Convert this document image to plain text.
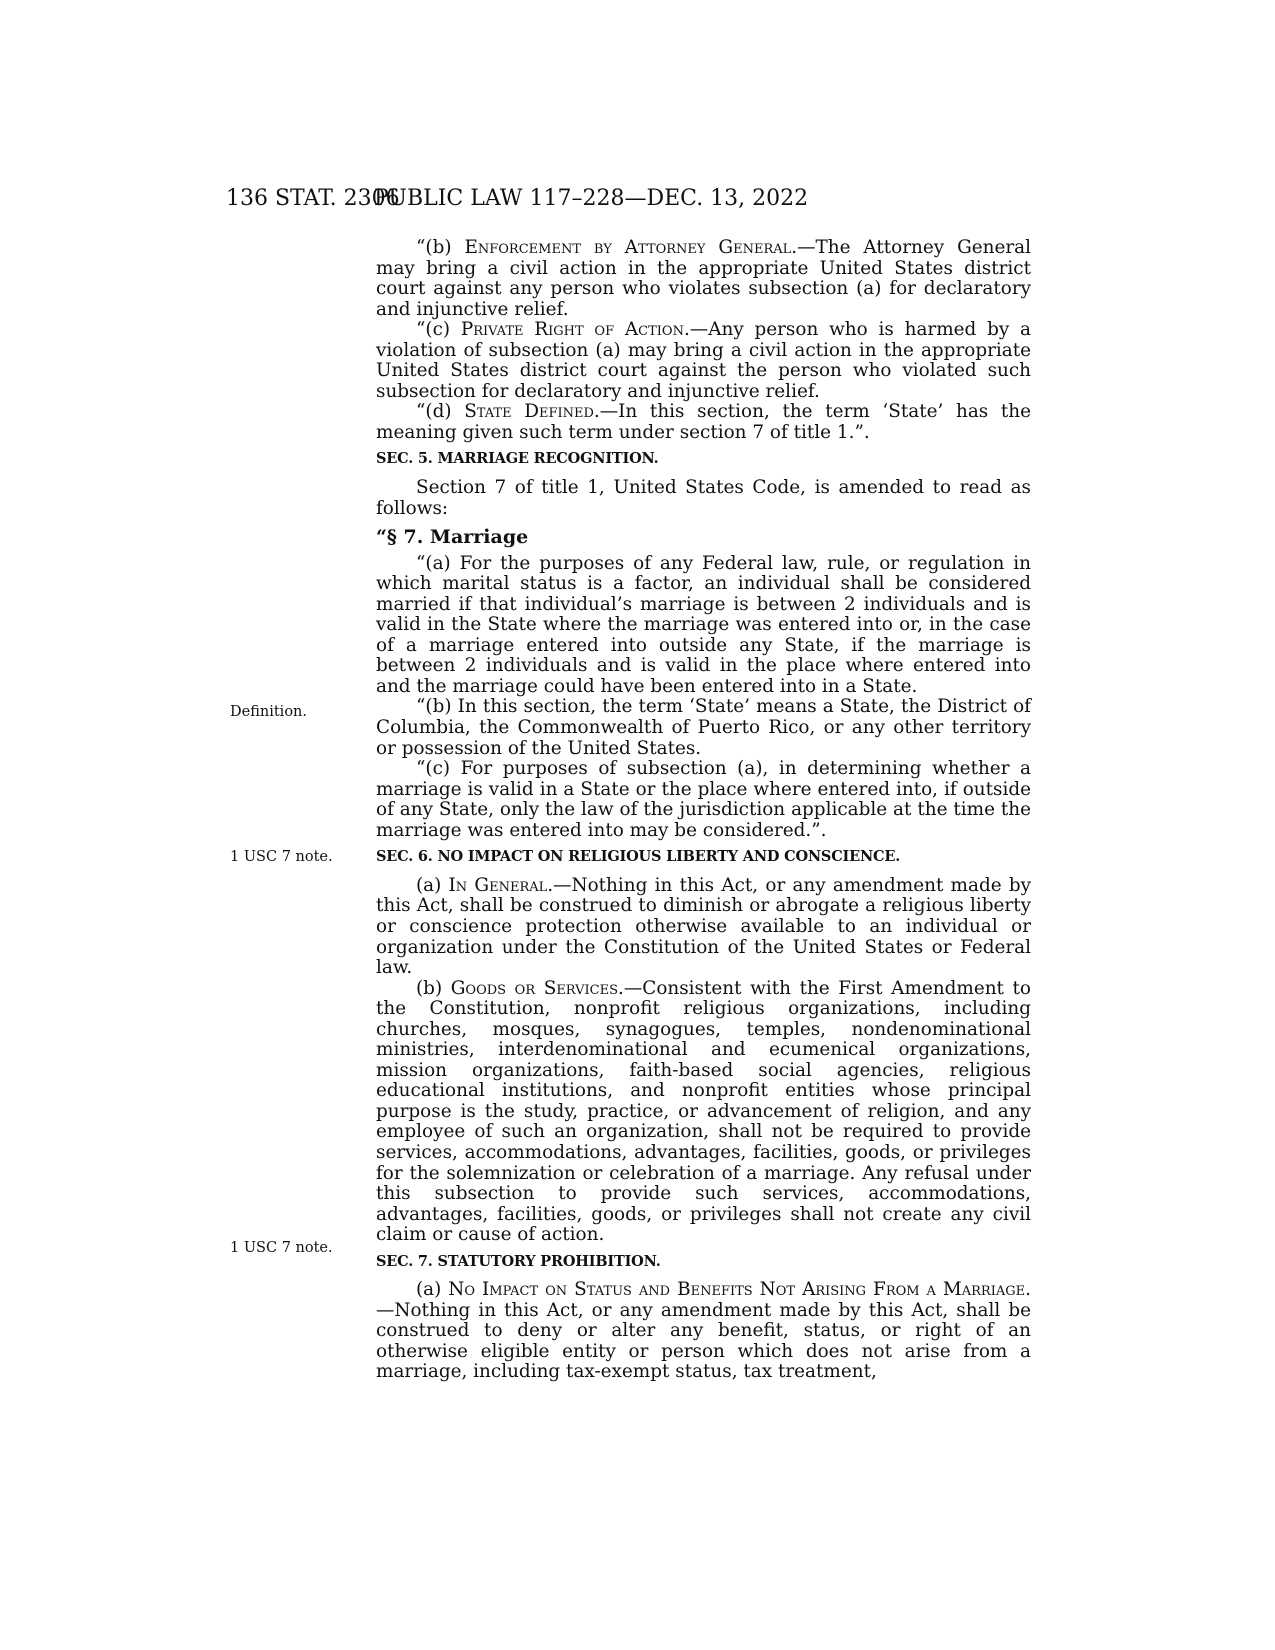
136 STAT. 2306
PUBLIC LAW 117–228—DEC. 13, 2022
Definition.
1 USC 7 note.
1 USC 7 note.

“(b) Enforcement by Attorney General.—The Attorney General may bring a civil action in the appropriate United States district court against any person who violates subsection (a) for declaratory and injunctive relief.

“(c) Private Right of Action.—Any person who is harmed by a violation of subsection (a) may bring a civil action in the appropriate United States district court against the person who violated such subsection for declaratory and injunctive relief.

“(d) State Defined.—In this section, the term ‘State’ has the meaning given such term under section 7 of title 1.”.

SEC. 5. MARRIAGE RECOGNITION.

Section 7 of title 1, United States Code, is amended to read as follows:

“§ 7. Marriage

“(a) For the purposes of any Federal law, rule, or regulation in which marital status is a factor, an individual shall be considered married if that individual’s marriage is between 2 individuals and is valid in the State where the marriage was entered into or, in the case of a marriage entered into outside any State, if the marriage is between 2 individuals and is valid in the place where entered into and the marriage could have been entered into in a State.

“(b) In this section, the term ‘State’ means a State, the District of Columbia, the Commonwealth of Puerto Rico, or any other territory or possession of the United States.

“(c) For purposes of subsection (a), in determining whether a marriage is valid in a State or the place where entered into, if outside of any State, only the law of the jurisdiction applicable at the time the marriage was entered into may be considered.”.

SEC. 6. NO IMPACT ON RELIGIOUS LIBERTY AND CONSCIENCE.

(a) In General.—Nothing in this Act, or any amendment made by this Act, shall be construed to diminish or abrogate a religious liberty or conscience protection otherwise available to an individual or organization under the Constitution of the United States or Federal law.

(b) Goods or Services.—Consistent with the First Amendment to the Constitution, nonprofit religious organizations, including churches, mosques, synagogues, temples, nondenominational ministries, interdenominational and ecumenical organizations, mission organizations, faith-based social agencies, religious educational institutions, and nonprofit entities whose principal purpose is the study, practice, or advancement of religion, and any employee of such an organization, shall not be required to provide services, accommodations, advantages, facilities, goods, or privileges for the solemnization or celebration of a marriage. Any refusal under this subsection to provide such services, accommodations, advantages, facilities, goods, or privileges shall not create any civil claim or cause of action.

SEC. 7. STATUTORY PROHIBITION.

(a) No Impact on Status and Benefits Not Arising From a Marriage.—Nothing in this Act, or any amendment made by this Act, shall be construed to deny or alter any benefit, status, or right of an otherwise eligible entity or person which does not arise from a marriage, including tax-exempt status, tax treatment,
